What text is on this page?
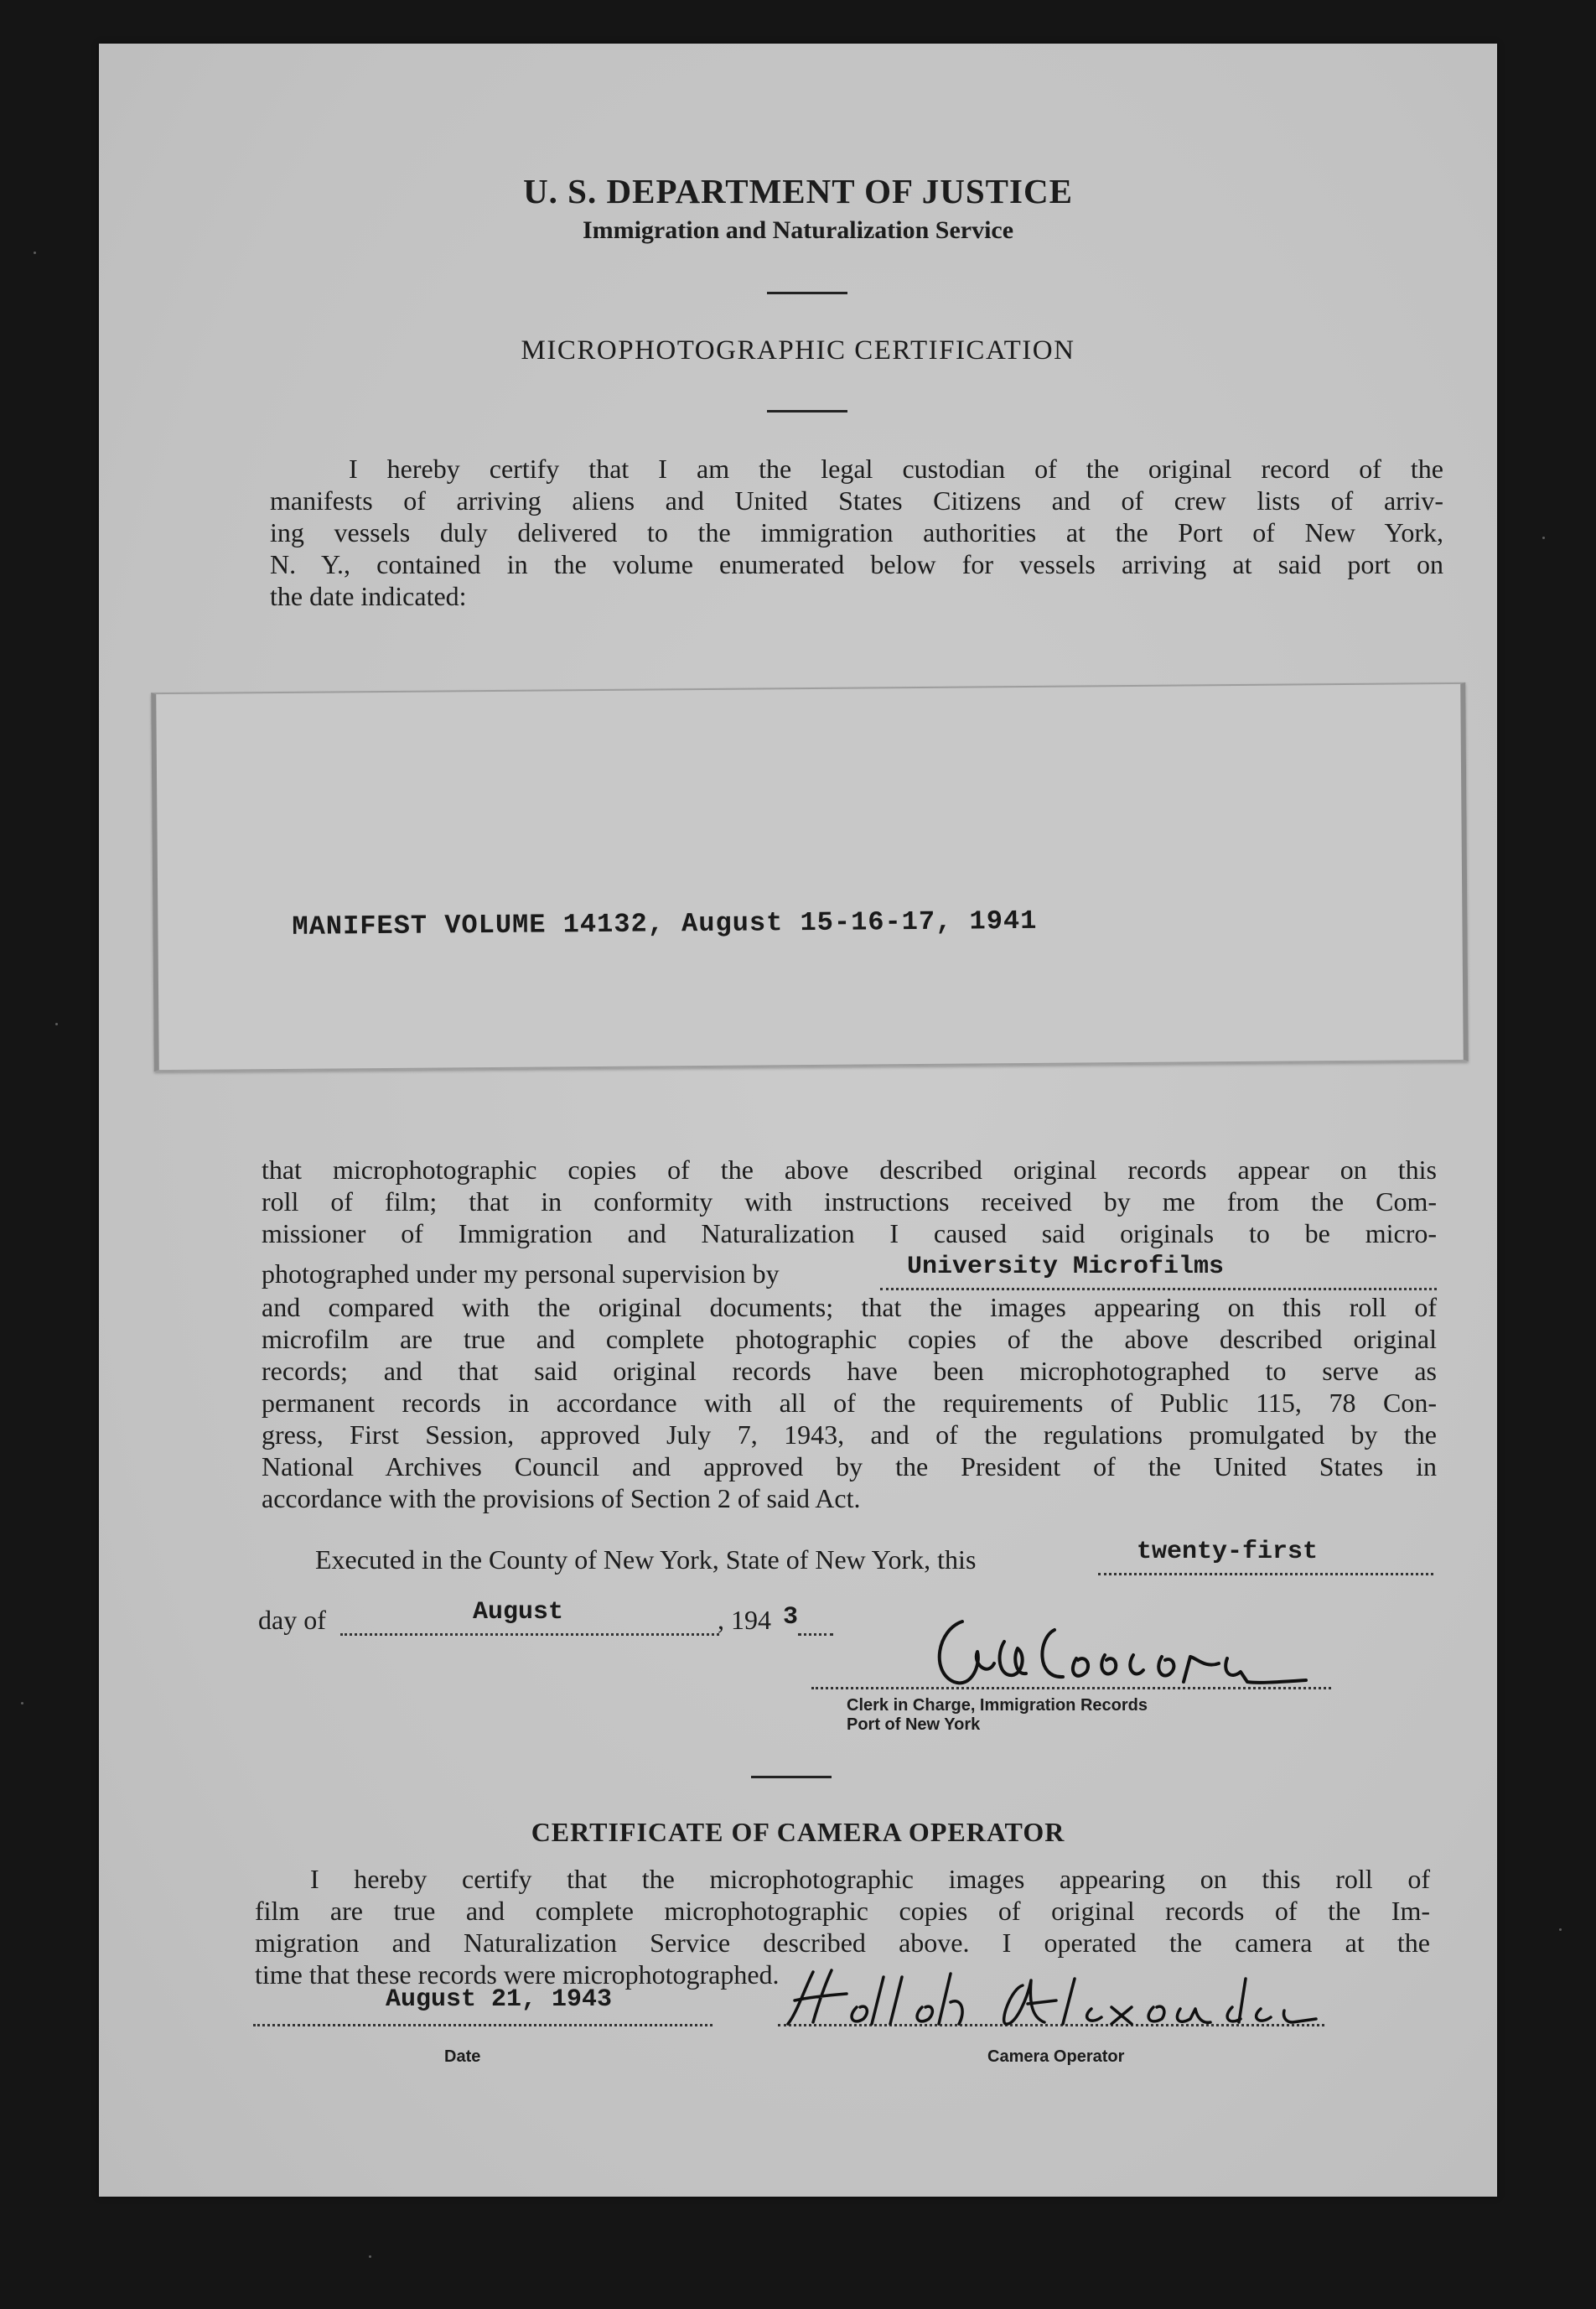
U. S. DEPARTMENT OF JUSTICE
Immigration and Naturalization Service
MICROPHOTOGRAPHIC CERTIFICATION
I hereby certify that I am the legal custodian of the original record of the
manifests of arriving aliens and United States Citizens and of crew lists of arriv-
ing vessels duly delivered to the immigration authorities at the Port of New York,
N. Y., contained in the volume enumerated below for vessels arriving at said port on
the date indicated:
MANIFEST VOLUME 14132, August 15-16-17, 1941
that microphotographic copies of the above described original records appear on this
roll of film; that in conformity with instructions received by me from the Com-
missioner of Immigration and Naturalization I caused said originals to be micro-
photographed under my personal supervision by	University Microfilms
and compared with the original documents; that the images appearing on this roll of
microfilm are true and complete photographic copies of the above described original
records; and that said original records have been microphotographed to serve as
permanent records in accordance with all of the requirements of Public 115, 78 Con-
gress, First Session, approved July 7, 1943, and of the regulations promulgated by the
National Archives Council and approved by the President of the United States in
accordance with the provisions of Section 2 of said Act.
Executed in the County of New York, State of New York, this	twenty-first
day of	August	, 194 3
Clerk in Charge, Immigration Records
Port of New York
CERTIFICATE OF CAMERA OPERATOR
I hereby certify that the microphotographic images appearing on this roll of
film are true and complete microphotographic copies of original records of the Im-
migration and Naturalization Service described above. I operated the camera at the
time that these records were microphotographed.
August 21, 1943
Date	Camera Operator
